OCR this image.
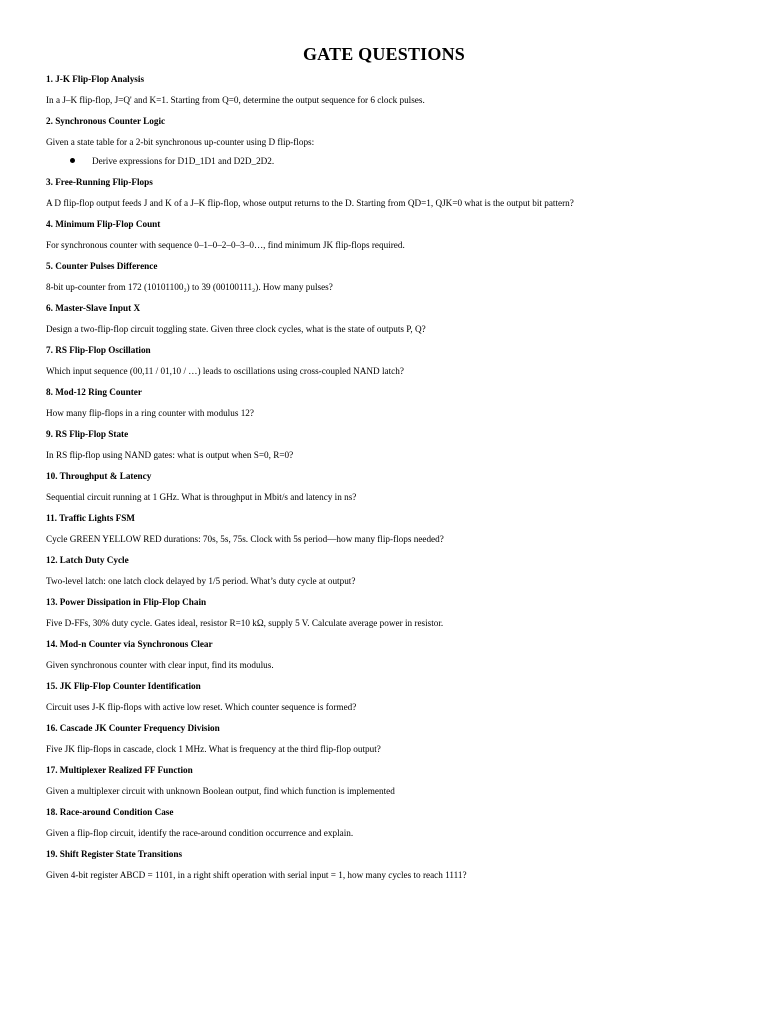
GATE QUESTIONS
1. J-K Flip-Flop Analysis
In a J–K flip-flop, J=Q' and K=1. Starting from Q=0, determine the output sequence for 6 clock pulses.
2. Synchronous Counter Logic
Given a state table for a 2-bit synchronous up-counter using D flip-flops:
Derive expressions for D1D_1D1 and D2D_2D2.
3. Free-Running Flip-Flops
A D flip-flop output feeds J and K of a J–K flip-flop, whose output returns to the D. Starting from QD=1, QJK=0 what is the output bit pattern?
4. Minimum Flip-Flop Count
For synchronous counter with sequence 0–1–0–2–0–3–0…, find minimum JK flip-flops required.
5. Counter Pulses Difference
8-bit up-counter from 172 (10101100₂) to 39 (00100111₂). How many pulses?
6. Master-Slave Input X
Design a two-flip-flop circuit toggling state. Given three clock cycles, what is the state of outputs P, Q?
7. RS Flip-Flop Oscillation
Which input sequence (00,11 / 01,10 / …) leads to oscillations using cross-coupled NAND latch?
8. Mod-12 Ring Counter
How many flip-flops in a ring counter with modulus 12?
9. RS Flip-Flop State
In RS flip-flop using NAND gates: what is output when S=0, R=0?
10. Throughput & Latency
Sequential circuit running at 1 GHz. What is throughput in Mbit/s and latency in ns?
11. Traffic Lights FSM
Cycle GREEN YELLOW RED durations: 70s, 5s, 75s. Clock with 5s period—how many flip-flops needed?
12. Latch Duty Cycle
Two-level latch: one latch clock delayed by 1/5 period. What’s duty cycle at output?
13. Power Dissipation in Flip-Flop Chain
Five D-FFs, 30% duty cycle. Gates ideal, resistor R=10 kΩ, supply 5 V. Calculate average power in resistor.
14. Mod-n Counter via Synchronous Clear
Given synchronous counter with clear input, find its modulus.
15. JK Flip-Flop Counter Identification
Circuit uses J-K flip-flops with active low reset. Which counter sequence is formed?
16. Cascade JK Counter Frequency Division
Five JK flip-flops in cascade, clock 1 MHz. What is frequency at the third flip-flop output?
17. Multiplexer Realized FF Function
Given a multiplexer circuit with unknown Boolean output, find which function is implemented
18. Race-around Condition Case
Given a flip-flop circuit, identify the race-around condition occurrence and explain.
19. Shift Register State Transitions
Given 4-bit register ABCD = 1101, in a right shift operation with serial input = 1, how many cycles to reach 1111?
